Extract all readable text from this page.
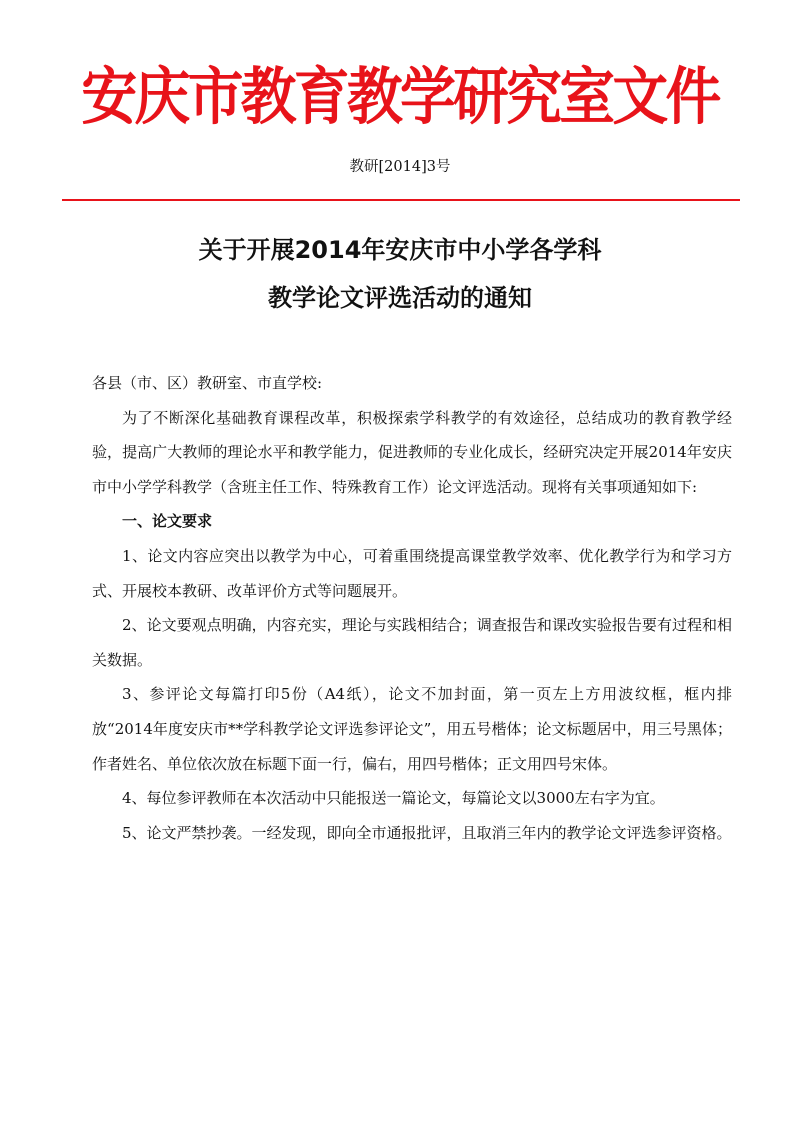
安庆市教育教学研究室文件
教研[2014]3号
关于开展2014年安庆市中小学各学科
教学论文评选活动的通知

各县（市、区）教研室、市直学校:

为了不断深化基础教育课程改革，积极探索学科教学的有效途径，总结成功的教育教学经验，提高广大教师的理论水平和教学能力，促进教师的专业化成长，经研究决定开展2014年安庆市中小学学科教学（含班主任工作、特殊教育工作）论文评选活动。现将有关事项通知如下:

一、论文要求

1、论文内容应突出以教学为中心，可着重围绕提高课堂教学效率、优化教学行为和学习方式、开展校本教研、改革评价方式等问题展开。

2、论文要观点明确，内容充实，理论与实践相结合；调查报告和课改实验报告要有过程和相关数据。

3、参评论文每篇打印5份（A4纸），论文不加封面，第一页左上方用波纹框，框内排放“2014年度安庆市**学科教学论文评选参评论文”，用五号楷体；论文标题居中，用三号黑体；作者姓名、单位依次放在标题下面一行，偏右，用四号楷体；正文用四号宋体。

4、每位参评教师在本次活动中只能报送一篇论文，每篇论文以3000左右字为宜。

5、论文严禁抄袭。一经发现，即向全市通报批评，且取消三年内的教学论文评选参评资格。
